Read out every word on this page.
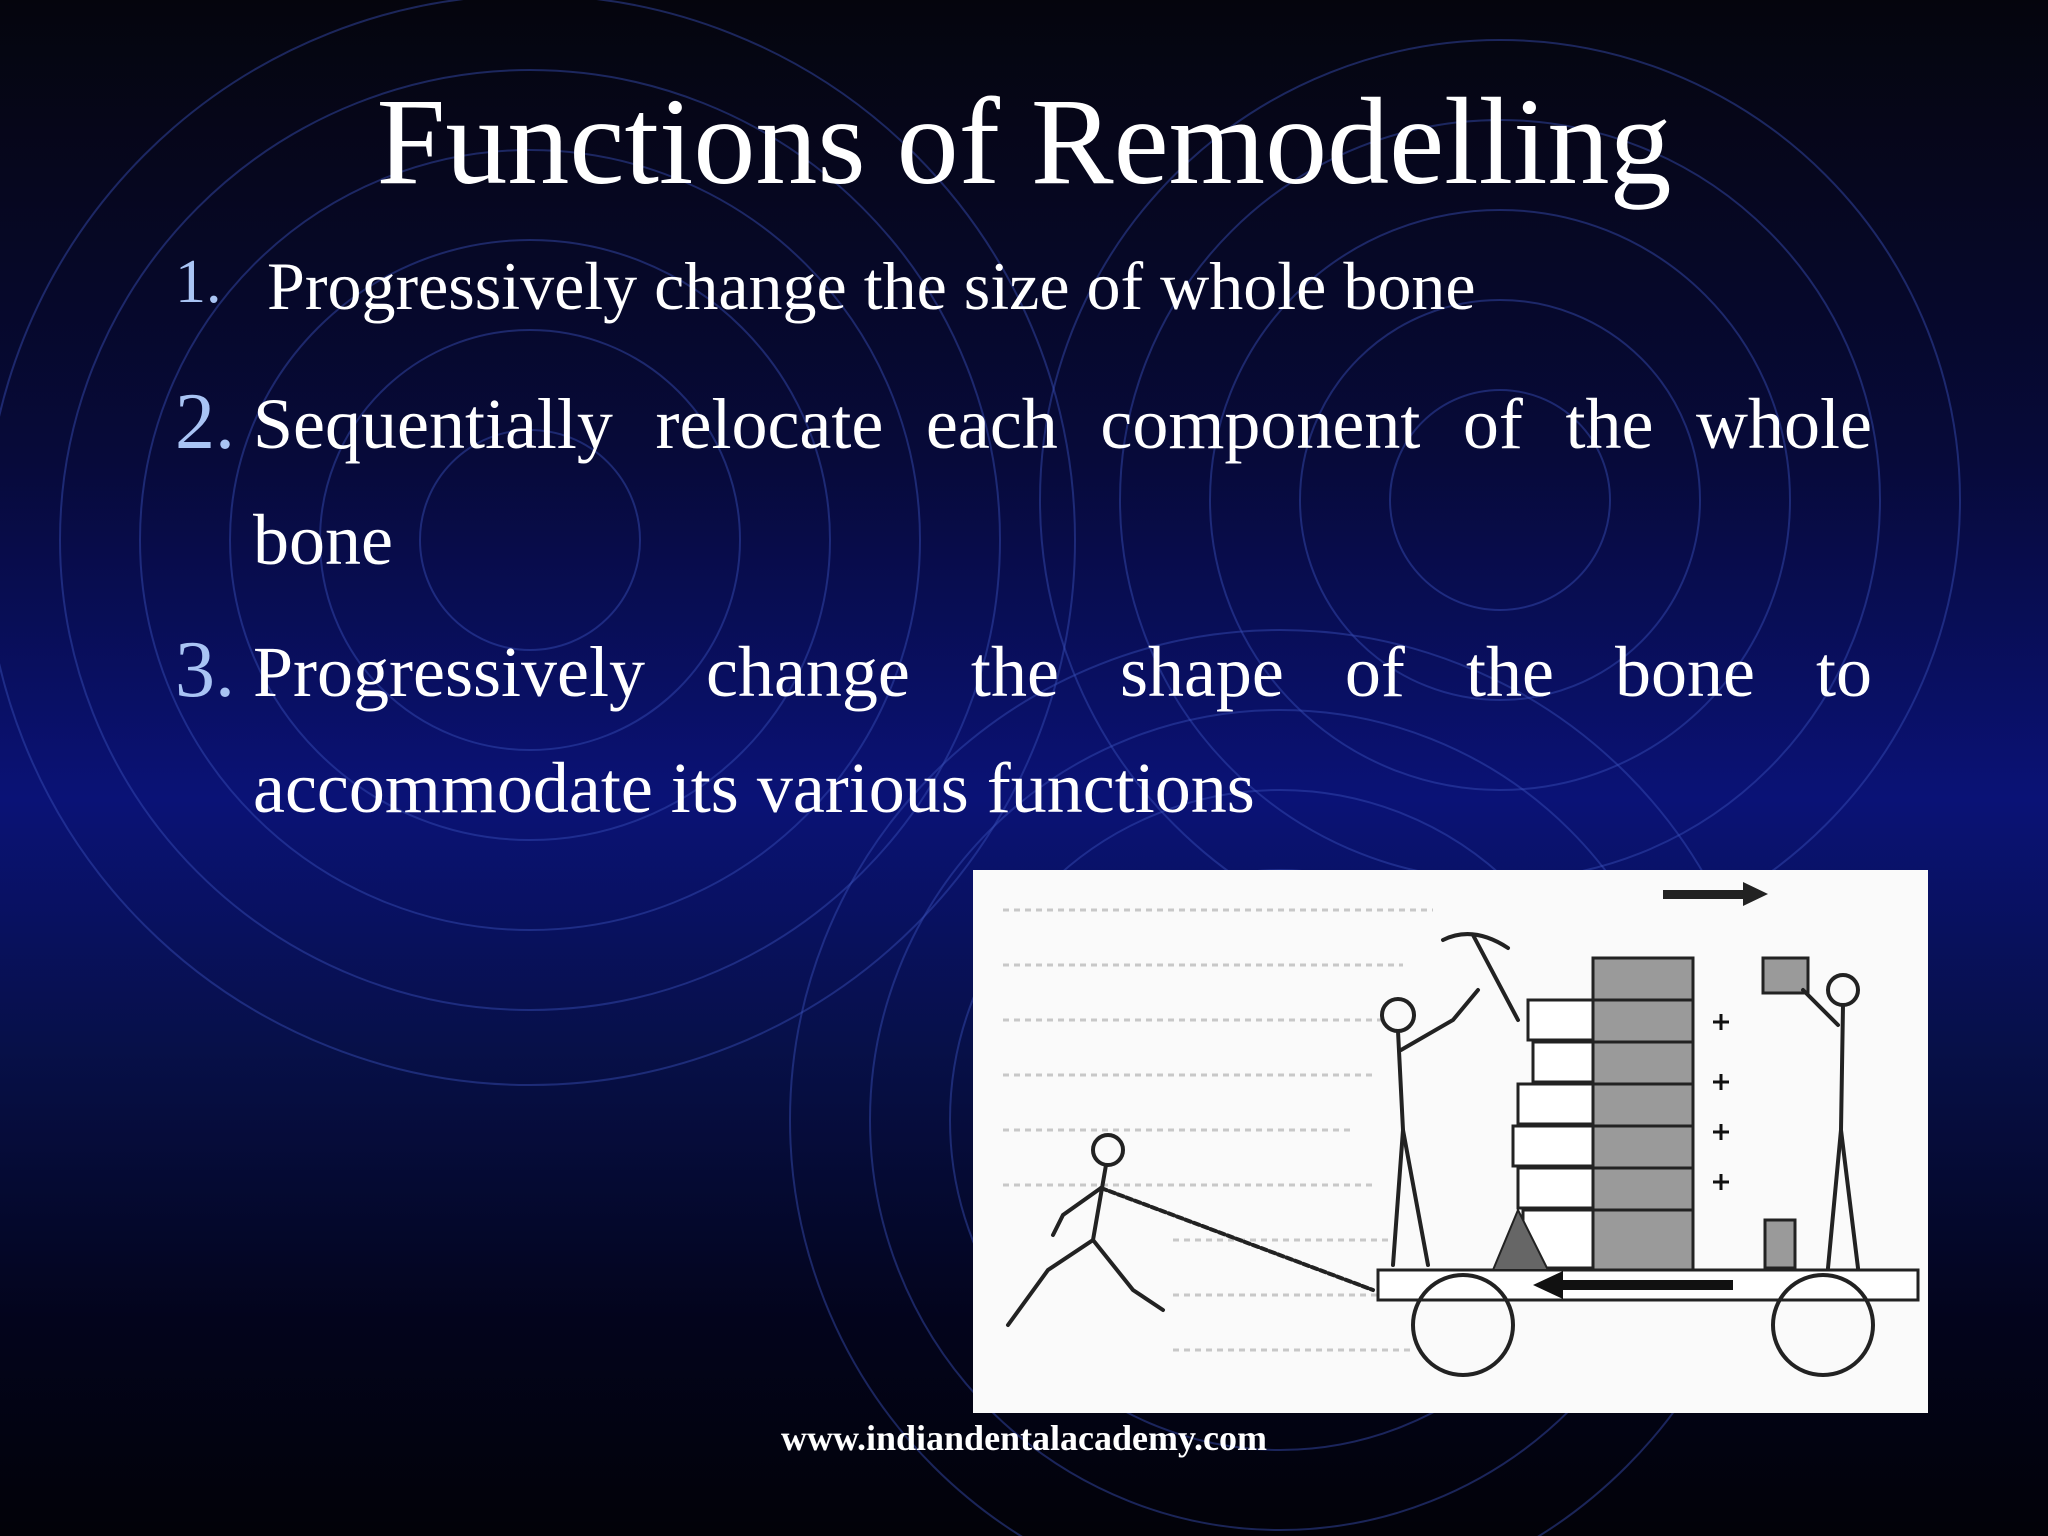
Functions of Remodelling
1. Progressively change the size of whole bone
2. Sequentially relocate each component of the whole bone
3. Progressively change the shape of the bone to accommodate its various functions
www.indiandentalacademy.com
